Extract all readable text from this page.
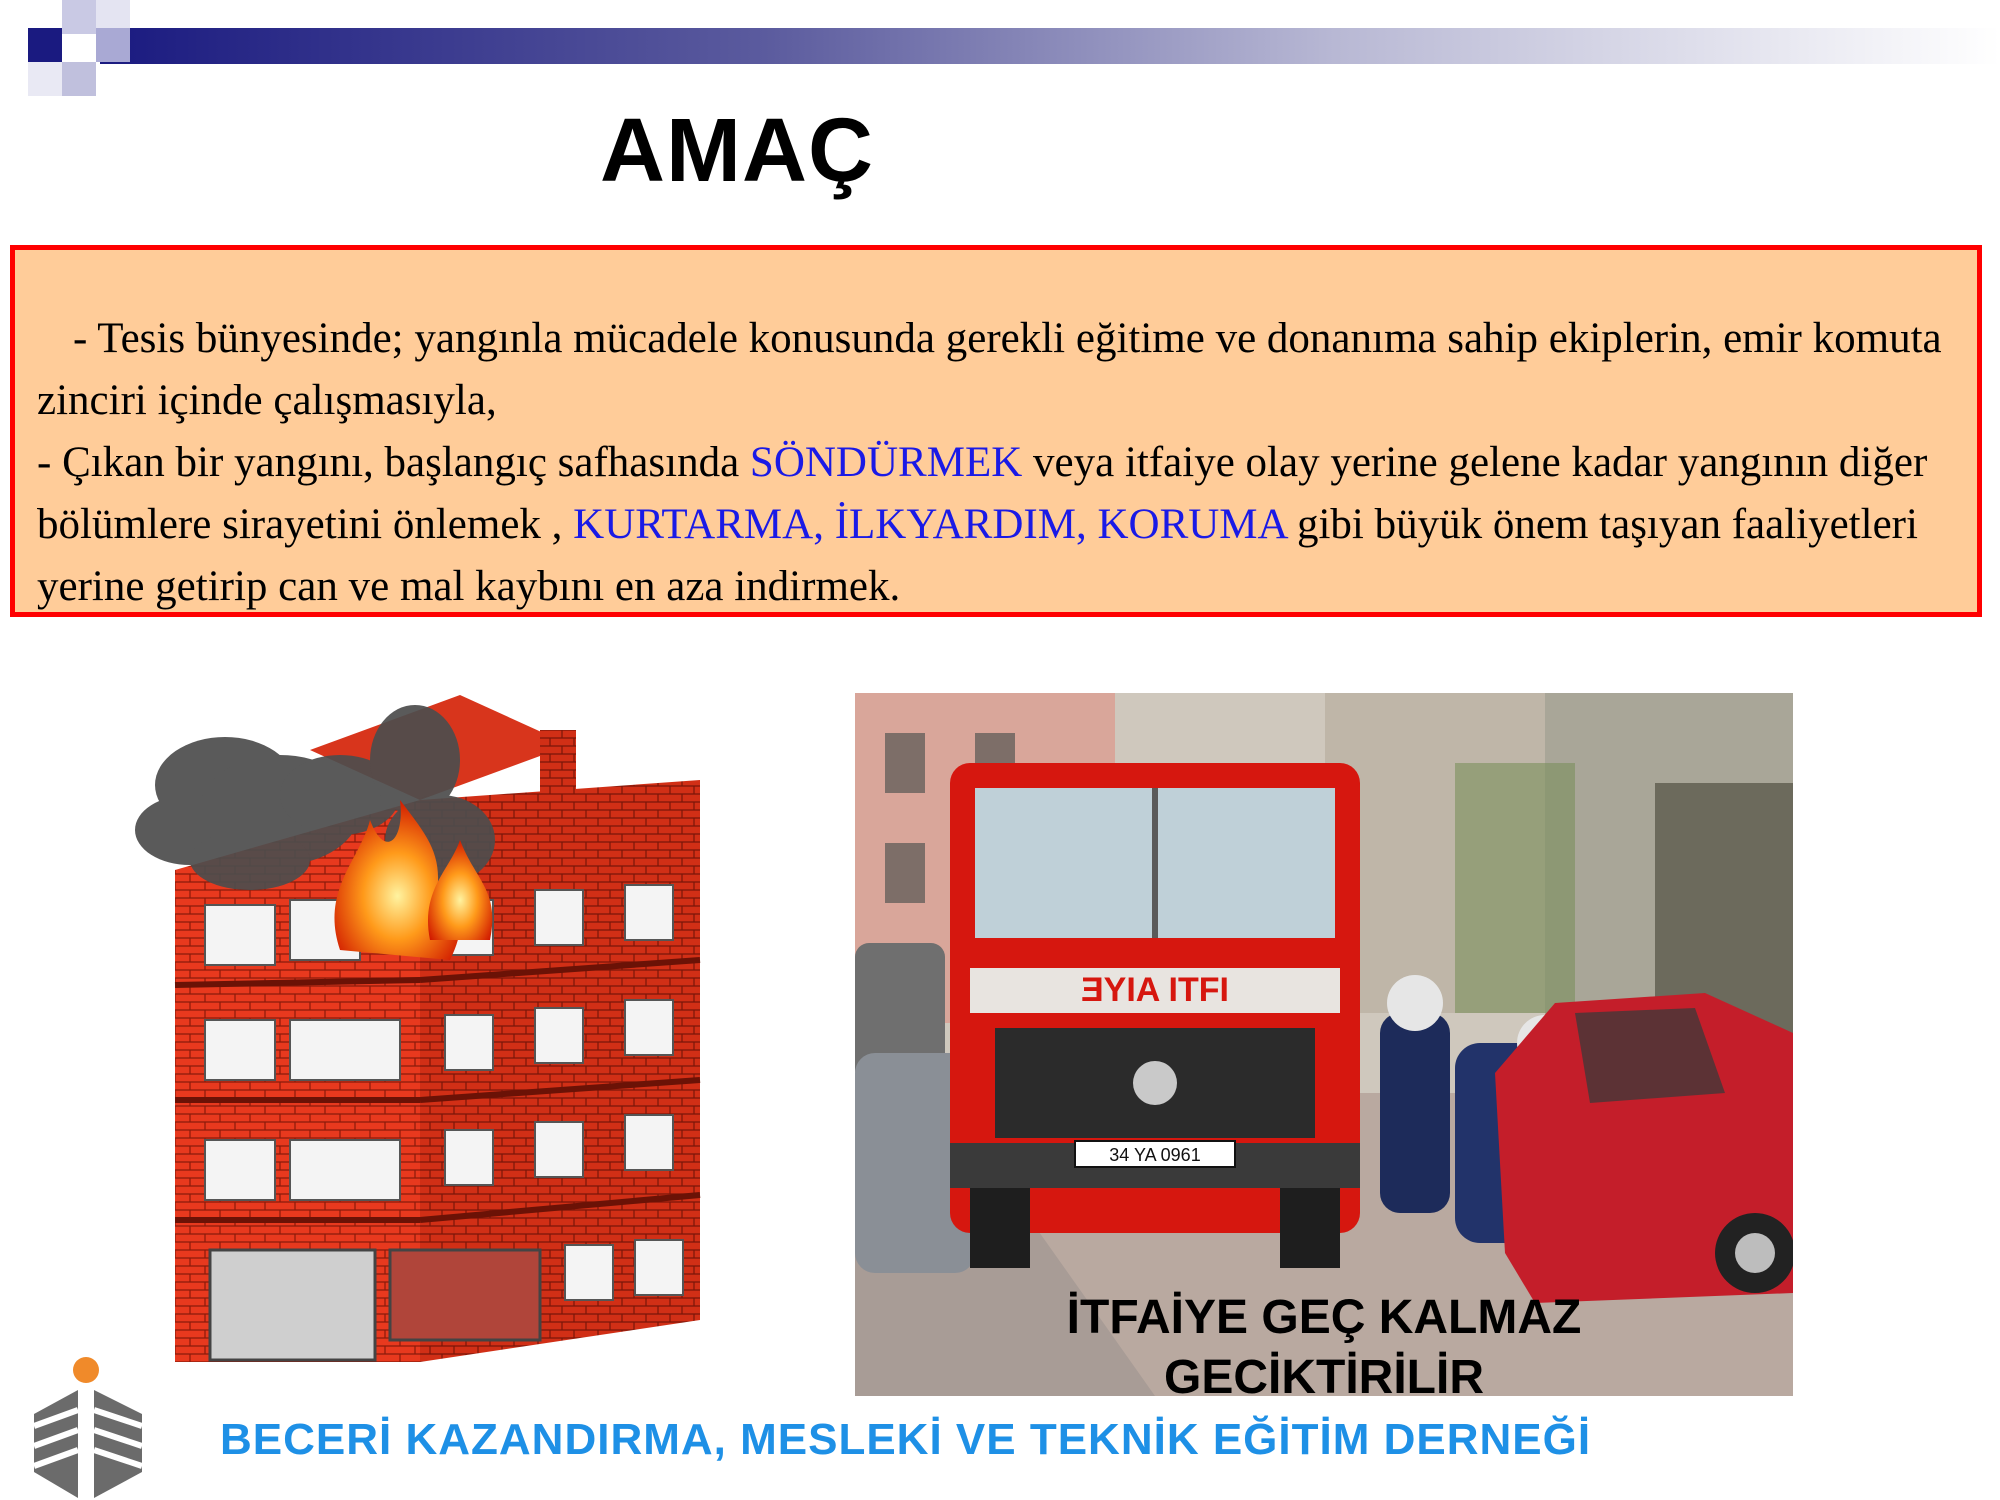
AMAÇ

- Tesis bünyesinde; yangınla mücadele konusunda gerekli eğitime ve donanıma sahip ekiplerin, emir komuta zinciri içinde çalışmasıyla,

- Çıkan bir yangını, başlangıç safhasında SÖNDÜRMEK veya itfaiye olay yerine gelene kadar yangının diğer bölümlere sirayetini önlemek , KURTARMA, İLKYARDIM, KORUMA gibi büyük önem taşıyan faaliyetleri yerine getirip can ve mal kaybını en aza indirmek.

ƎYIA ITFI
34 YA 0961
İTFAİYE GEÇ KALMAZ
GECİKTİRİLİR
BECERİ KAZANDIRMA, MESLEKİ VE TEKNİK EĞİTİM DERNEĞİ
